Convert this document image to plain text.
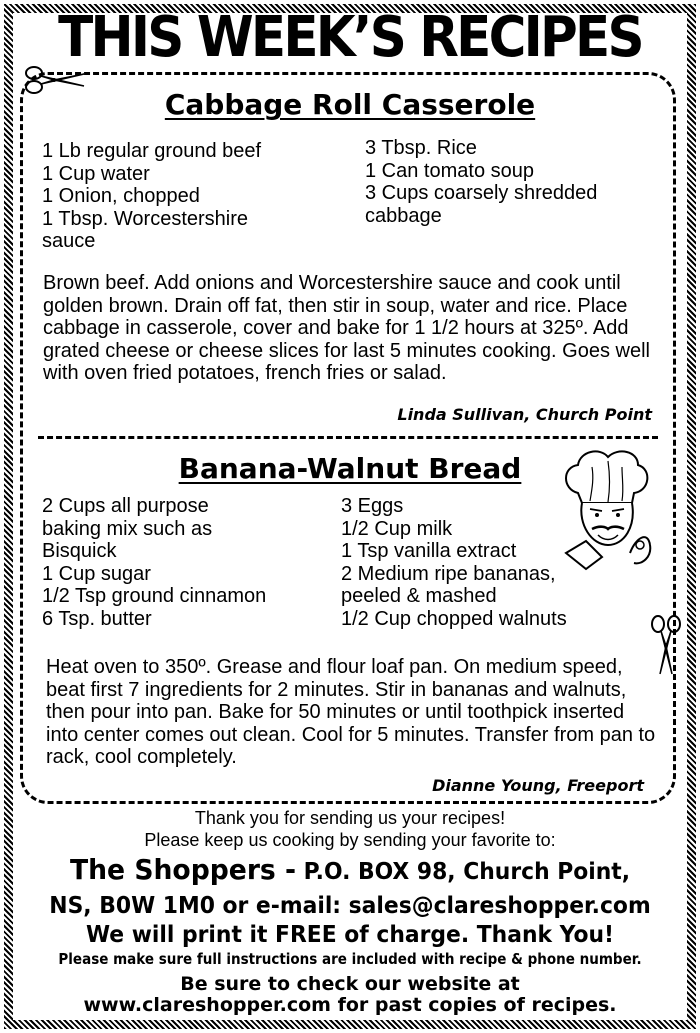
THIS WEEK’S RECIPES
Cabbage Roll Casserole
1 Lb regular ground beef
1 Cup water
1 Onion, chopped
1 Tbsp. Worcestershire
sauce
3 Tbsp. Rice
1 Can tomato soup
3 Cups coarsely shredded
cabbage
Brown beef. Add onions and Worcestershire sauce and cook until golden brown. Drain off fat, then stir in soup, water and rice. Place cabbage in casserole, cover and bake for 1 1/2 hours at 325º. Add grated cheese or cheese slices for last 5 minutes cooking. Goes well with oven fried potatoes, french fries or salad.
Linda Sullivan, Church Point
Banana-Walnut Bread
2 Cups all purpose
baking mix such as
Bisquick
1 Cup sugar
1/2 Tsp ground cinnamon
6 Tsp. butter
3 Eggs
1/2 Cup milk
1 Tsp vanilla extract
2 Medium ripe bananas,
peeled & mashed
1/2 Cup chopped walnuts
Heat oven to 350º. Grease and flour loaf pan. On medium speed, beat first 7 ingredients for 2 minutes. Stir in bananas and walnuts, then pour into pan. Bake for 50 minutes or until toothpick inserted into center comes out clean. Cool for 5 minutes. Transfer from pan to rack, cool completely.
Dianne Young, Freeport
Thank you for sending us your recipes!
Please keep us cooking by sending your favorite to:
The Shoppers - P.O. BOX 98, Church Point,
NS, B0W 1M0 or e-mail: sales@clareshopper.com
We will print it FREE of charge. Thank You!
Please make sure full instructions are included with recipe & phone number.
Be sure to check our website at
www.clareshopper.com for past copies of recipes.
